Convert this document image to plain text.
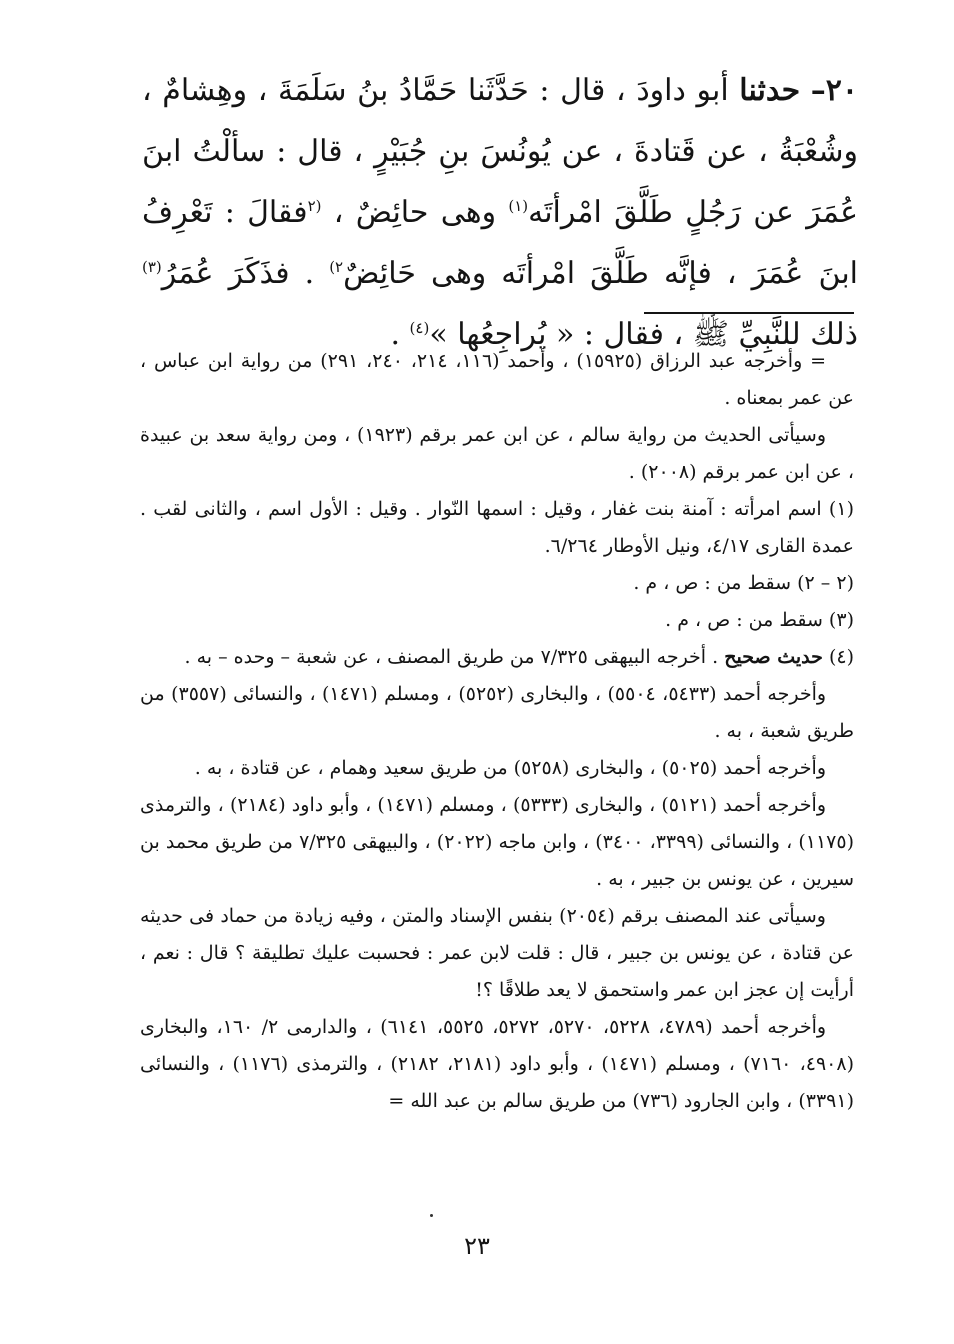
٢٠– حدثنا أبو داودَ ، قال : حَدَّثَنا حَمَّادُ بنُ سَلَمَةَ ، وهِشامٌ ، وشُعْبَةُ ، عن قَتادةَ ، عن يُونُسَ بنِ جُبَيْرٍ ، قال : سألْتُ ابنَ عُمَرَ عن رَجُلٍ طَلَّقَ امْرأتَه$^{(١)}$ وهى حائِضٌ ، $^{(٢}$فقالَ : تَعْرِفُ ابنَ عُمَرَ ، فإنَّه طَلَّقَ امْرأتَه وهى حَائِضٌ$^{٢)}$ . فذَكَرَ عُمَرُ$^{(٣)}$ ذلك للنَّبِيِّ ﷺ ، فقال : « يُراجِعُها »$^{(٤)}$ .

= وأخرجه عبد الرزاق (١٥٩٢٥) ، وأحمد (١١٦، ٢١٤، ٢٤٠، ٢٩١) من رواية ابن عباس ، عن عمر بمعناه .

وسيأتى الحديث من رواية سالم ، عن ابن عمر برقم (١٩٢٣) ، ومن رواية سعد بن عبيدة ، عن ابن عمر برقم (٢٠٠٨) .

(١) اسم امرأته : آمنة بنت غفار ، وقيل : اسمها النّوار . وقيل : الأول اسم ، والثانى لقب . عمدة القارى ٤/١٧، ونيل الأوطار ٦/٢٦٤.

(٢ – ٢) سقط من : ص ، م .

(٣) سقط من : ص ، م .

(٤) حديث صحيح . أخرجه البيهقى ٧/٣٢٥ من طريق المصنف ، عن شعبة – وحده – به .

وأخرجه أحمد (٥٤٣٣، ٥٥٠٤) ، والبخارى (٥٢٥٢) ، ومسلم (١٤٧١) ، والنسائى (٣٥٥٧) من طريق شعبة ، به .

وأخرجه أحمد (٥٠٢٥) ، والبخارى (٥٢٥٨) من طريق سعيد وهمام ، عن قتادة ، به .

وأخرجه أحمد (٥١٢١) ، والبخارى (٥٣٣٣) ، ومسلم (١٤٧١) ، وأبو داود (٢١٨٤) ، والترمذى (١١٧٥) ، والنسائى (٣٣٩٩، ٣٤٠٠) ، وابن ماجه (٢٠٢٢) ، والبيهقى ٧/٣٢٥ من طريق محمد بن سيرين ، عن يونس بن جبير ، به .

وسيأتى عند المصنف برقم (٢٠٥٤) بنفس الإسناد والمتن ، وفيه زيادة من حماد فى حديثه عن قتادة ، عن يونس بن جبير ، قال : قلت لابن عمر : فحسبت عليك تطليقة ؟ قال : نعم ، أرأيت إن عجز ابن عمر واستحمق لا يعد طلاقًا ؟!

وأخرجه أحمد (٤٧٨٩، ٥٢٢٨، ٥٢٧٠، ٥٢٧٢، ٥٥٢٥، ٦١٤١) ، والدارمى ٢/ ١٦٠، والبخارى (٤٩٠٨، ٧١٦٠) ، ومسلم (١٤٧١) ، وأبو داود (٢١٨١، ٢١٨٢) ، والترمذى (١١٧٦) ، والنسائى (٣٣٩١) ، وابن الجارود (٧٣٦) من طريق سالم بن عبد الله =

٢٣
